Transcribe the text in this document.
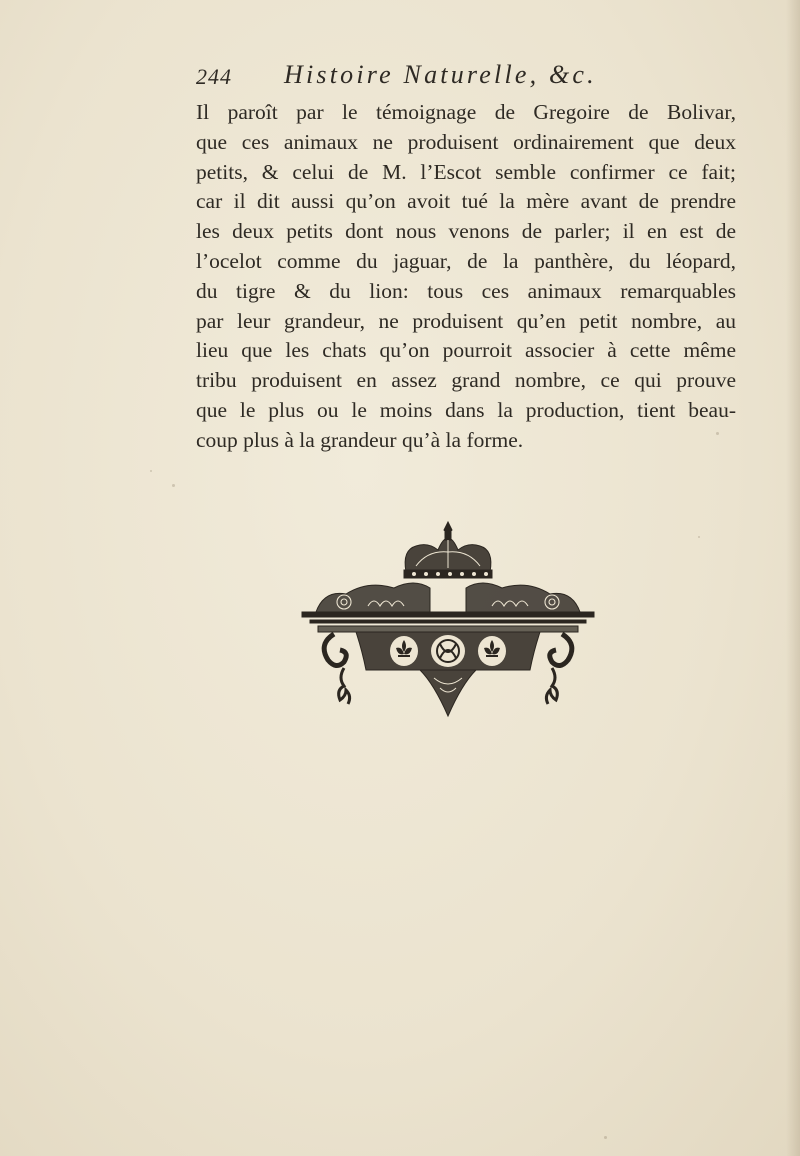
244 Histoire Naturelle, &c.
Il paroît par le témoignage de Gregoire de Bolivar,
que ces animaux ne produisent ordinairement que deux
petits, & celui de M. l’Escot semble confirmer ce fait;
car il dit aussi qu’on avoit tué la mère avant de prendre
les deux petits dont nous venons de parler; il en est de
l’ocelot comme du jaguar, de la panthère, du léopard,
du tigre & du lion: tous ces animaux remarquables
par leur grandeur, ne produisent qu’en petit nombre, au
lieu que les chats qu’on pourroit associer à cette même
tribu produisent en assez grand nombre, ce qui prouve
que le plus ou le moins dans la production, tient beau-
coup plus à la grandeur qu’à la forme.
